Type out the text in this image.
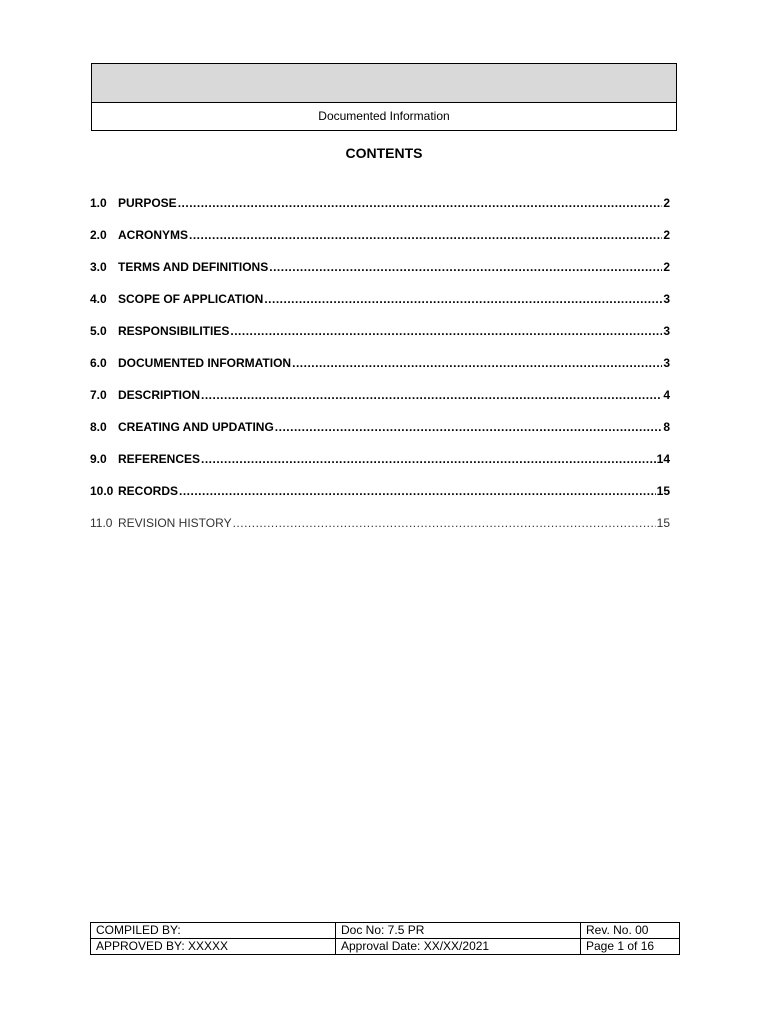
Documented Information
CONTENTS
1.0 PURPOSE .....	2
2.0 ACRONYMS .....	2
3.0 TERMS AND DEFINITIONS .....	2
4.0 SCOPE OF APPLICATION .....	3
5.0 RESPONSIBILITIES .....	3
6.0 DOCUMENTED INFORMATION .....	3
7.0 DESCRIPTION .....	4
8.0 CREATING AND UPDATING .....	8
9.0 REFERENCES .....	14
10.0 RECORDS .....	15
11.0 REVISION HISTORY .....	15
COMPILED BY:	Doc No: 7.5 PR	Rev. No. 00
APPROVED BY: XXXXX	Approval Date: XX/XX/2021	Page 1 of 16
